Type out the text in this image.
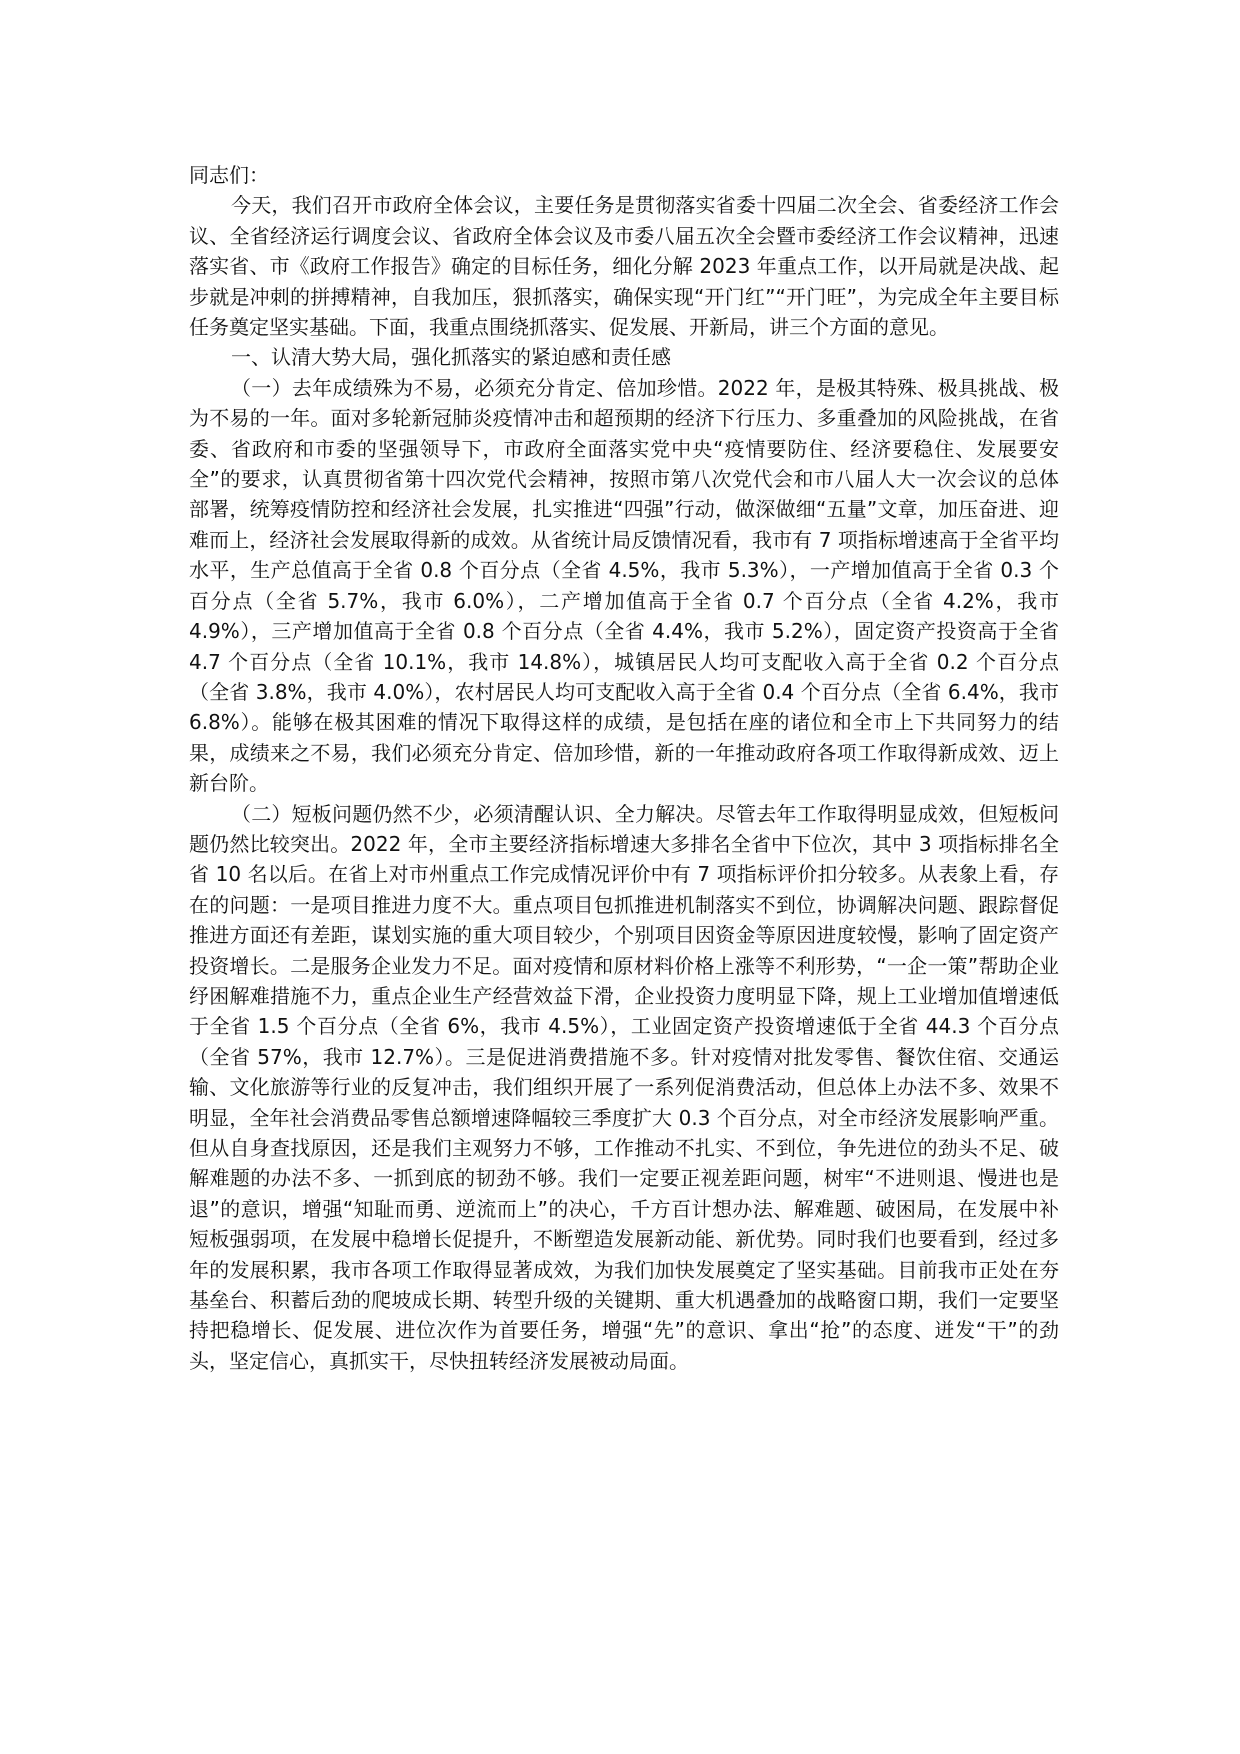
同志们：

今天，我们召开市政府全体会议，主要任务是贯彻落实省委十四届二次全会、省委经济工作会议、全省经济运行调度会议、省政府全体会议及市委八届五次全会暨市委经济工作会议精神，迅速落实省、市《政府工作报告》确定的目标任务，细化分解 2023 年重点工作，以开局就是决战、起步就是冲刺的拼搏精神，自我加压，狠抓落实，确保实现“开门红”“开门旺”，为完成全年主要目标任务奠定坚实基础。下面，我重点围绕抓落实、促发展、开新局，讲三个方面的意见。

一、认清大势大局，强化抓落实的紧迫感和责任感

（一）去年成绩殊为不易，必须充分肯定、倍加珍惜。2022 年，是极其特殊、极具挑战、极为不易的一年。面对多轮新冠肺炎疫情冲击和超预期的经济下行压力、多重叠加的风险挑战，在省委、省政府和市委的坚强领导下，市政府全面落实党中央“疫情要防住、经济要稳住、发展要安全”的要求，认真贯彻省第十四次党代会精神，按照市第八次党代会和市八届人大一次会议的总体部署，统筹疫情防控和经济社会发展，扎实推进“四强”行动，做深做细“五量”文章，加压奋进、迎难而上，经济社会发展取得新的成效。从省统计局反馈情况看，我市有 7 项指标增速高于全省平均水平，生产总值高于全省 0.8 个百分点（全省 4.5%，我市 5.3%），一产增加值高于全省 0.3 个百分点（全省 5.7%，我市 6.0%），二产增加值高于全省 0.7 个百分点（全省 4.2%，我市 4.9%），三产增加值高于全省 0.8 个百分点（全省 4.4%，我市 5.2%），固定资产投资高于全省 4.7 个百分点（全省 10.1%，我市 14.8%），城镇居民人均可支配收入高于全省 0.2 个百分点（全省 3.8%，我市 4.0%），农村居民人均可支配收入高于全省 0.4 个百分点（全省 6.4%，我市 6.8%）。能够在极其困难的情况下取得这样的成绩，是包括在座的诸位和全市上下共同努力的结果，成绩来之不易，我们必须充分肯定、倍加珍惜，新的一年推动政府各项工作取得新成效、迈上新台阶。

（二）短板问题仍然不少，必须清醒认识、全力解决。尽管去年工作取得明显成效，但短板问题仍然比较突出。2022 年，全市主要经济指标增速大多排名全省中下位次，其中 3 项指标排名全省 10 名以后。在省上对市州重点工作完成情况评价中有 7 项指标评价扣分较多。从表象上看，存在的问题：一是项目推进力度不大。重点项目包抓推进机制落实不到位，协调解决问题、跟踪督促推进方面还有差距，谋划实施的重大项目较少，个别项目因资金等原因进度较慢，影响了固定资产投资增长。二是服务企业发力不足。面对疫情和原材料价格上涨等不利形势，“一企一策”帮助企业纾困解难措施不力，重点企业生产经营效益下滑，企业投资力度明显下降，规上工业增加值增速低于全省 1.5 个百分点（全省 6%，我市 4.5%），工业固定资产投资增速低于全省 44.3 个百分点（全省 57%，我市 12.7%）。三是促进消费措施不多。针对疫情对批发零售、餐饮住宿、交通运输、文化旅游等行业的反复冲击，我们组织开展了一系列促消费活动，但总体上办法不多、效果不明显，全年社会消费品零售总额增速降幅较三季度扩大 0.3 个百分点，对全市经济发展影响严重。但从自身查找原因，还是我们主观努力不够，工作推动不扎实、不到位，争先进位的劲头不足、破解难题的办法不多、一抓到底的韧劲不够。我们一定要正视差距问题，树牢“不进则退、慢进也是退”的意识，增强“知耻而勇、逆流而上”的决心，千方百计想办法、解难题、破困局，在发展中补短板强弱项，在发展中稳增长促提升，不断塑造发展新动能、新优势。同时我们也要看到，经过多年的发展积累，我市各项工作取得显著成效，为我们加快发展奠定了坚实基础。目前我市正处在夯基垒台、积蓄后劲的爬坡成长期、转型升级的关键期、重大机遇叠加的战略窗口期，我们一定要坚持把稳增长、促发展、进位次作为首要任务，增强“先”的意识、拿出“抢”的态度、迸发“干”的劲头，坚定信心，真抓实干，尽快扭转经济发展被动局面。
